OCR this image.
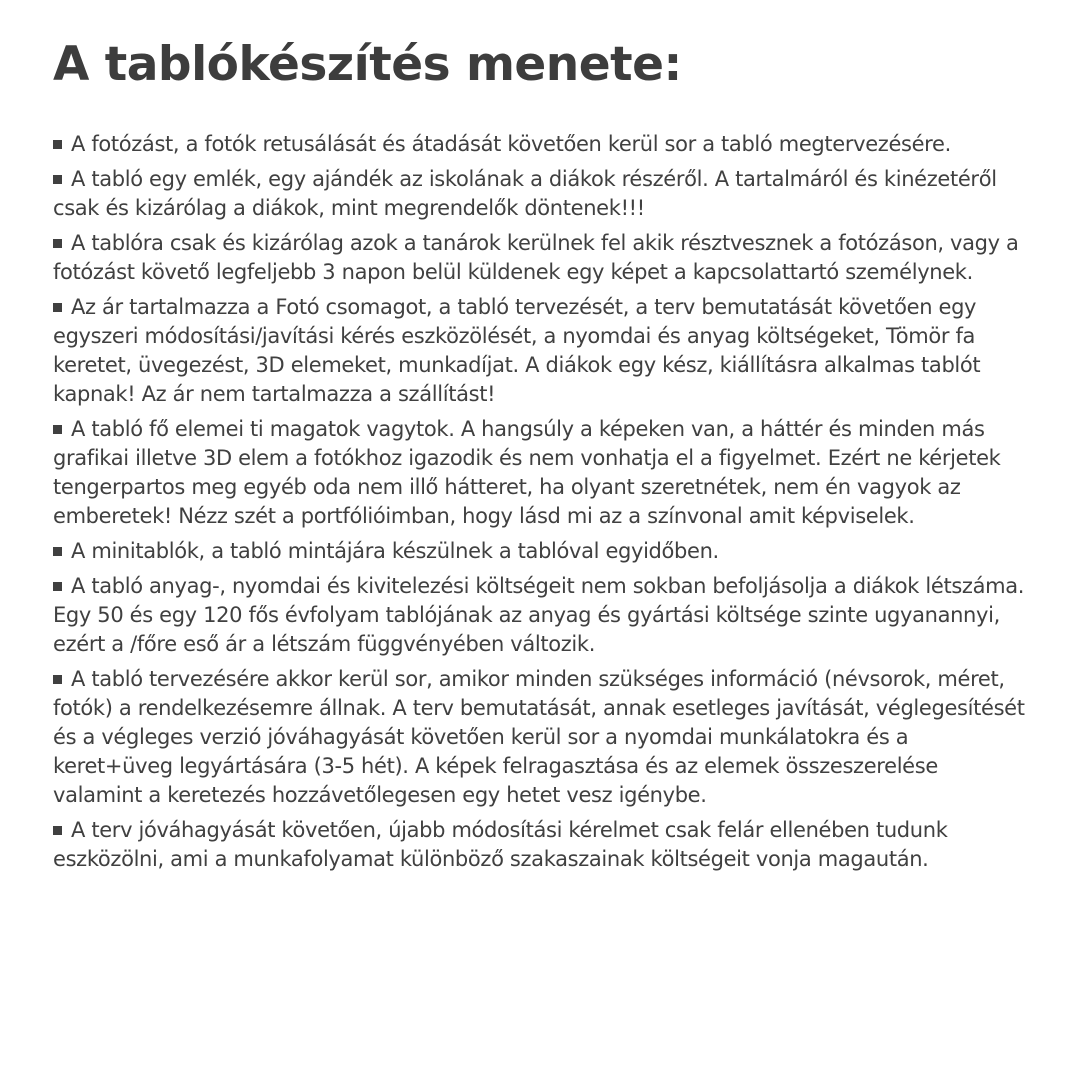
A tablókészítés menete:
A fotózást, a fotók retusálását és átadását követően kerül sor a tabló megtervezésére.
A tabló egy emlék, egy ajándék az iskolának a diákok részéről. A tartalmáról és kinézetéről csak és kizárólag a diákok, mint megrendelők döntenek!!!
A tablóra csak és kizárólag azok a tanárok kerülnek fel akik résztvesznek a fotózáson, vagy a fotózást követő legfeljebb 3 napon belül küldenek egy képet a kapcsolattartó személynek.
Az ár tartalmazza a Fotó csomagot, a tabló tervezését, a terv bemutatását követően egy egyszeri módosítási/javítási kérés eszközölését, a nyomdai és anyag költségeket, Tömör fa keretet, üvegezést, 3D elemeket, munkadíjat. A diákok egy kész, kiállításra alkalmas tablót kapnak! Az ár nem tartalmazza a szállítást!
A tabló fő elemei ti magatok vagytok. A hangsúly a képeken van, a háttér és minden más grafikai illetve 3D elem a fotókhoz igazodik és nem vonhatja el a figyelmet. Ezért ne kérjetek tengerpartos meg egyéb oda nem illő hátteret, ha olyant szeretnétek, nem én vagyok az emberetek! Nézz szét a portfólióimban, hogy lásd mi az a színvonal amit képviselek.
A minitablók, a tabló mintájára készülnek a tablóval egyidőben.
A tabló anyag-, nyomdai és kivitelezési költségeit nem sokban befoljásolja a diákok létszáma. Egy 50 és egy 120 fős évfolyam tablójának az anyag és gyártási költsége szinte ugyanannyi, ezért a /főre eső ár a létszám függvényében változik.
A tabló tervezésére akkor kerül sor, amikor minden szükséges információ (névsorok, méret, fotók) a rendelkezésemre állnak. A terv bemutatását, annak esetleges javítását, véglegesítését és a végleges verzió jóváhagyását követően kerül sor a nyomdai munkálatokra és a keret+üveg legyártására (3-5 hét). A képek felragasztása és az elemek összeszerelése valamint a keretezés hozzávetőlegesen egy hetet vesz igénybe.
A terv jóváhagyását követően, újabb módosítási kérelmet csak felár ellenében tudunk eszközölni, ami a munkafolyamat különböző szakaszainak költségeit vonja magaután.
